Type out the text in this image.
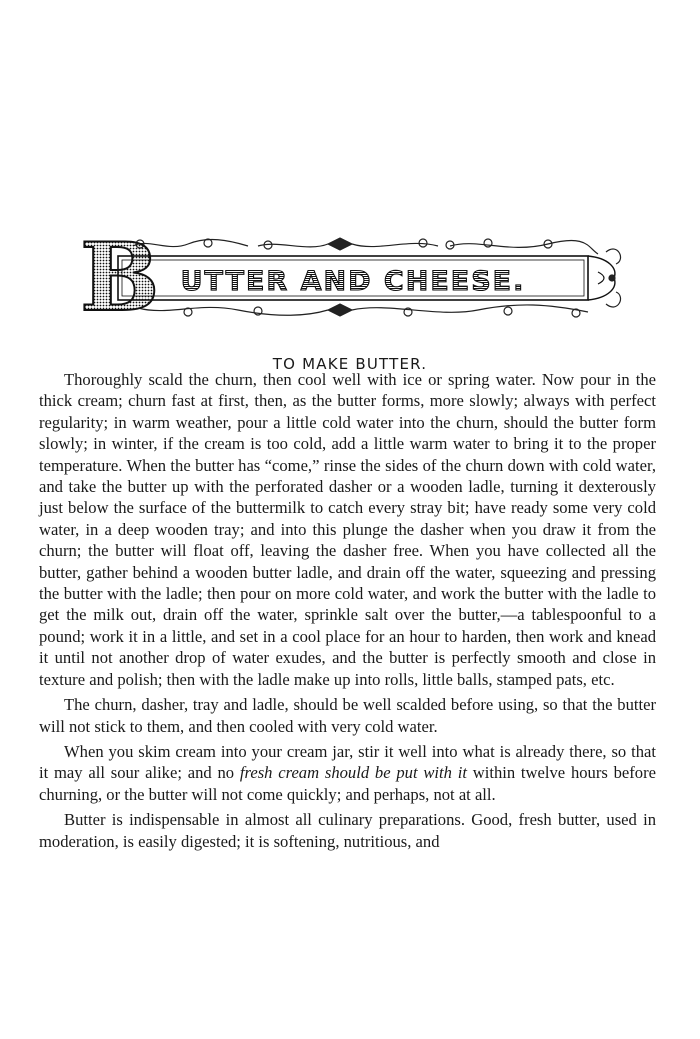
B UTTER AND CHEESE.
TO MAKE BUTTER.

Thoroughly scald the churn, then cool well with ice or spring water. Now pour in the thick cream; churn fast at first, then, as the butter forms, more slowly; always with perfect regularity; in warm weather, pour a little cold water into the churn, should the butter form slowly; in winter, if the cream is too cold, add a little warm water to bring it to the proper temperature. When the butter has “come,” rinse the sides of the churn down with cold water, and take the butter up with the perforated dasher or a wooden ladle, turning it dexterously just below the surface of the buttermilk to catch every stray bit; have ready some very cold water, in a deep wooden tray; and into this plunge the dasher when you draw it from the churn; the butter will float off, leaving the dasher free. When you have collected all the butter, gather behind a wooden butter ladle, and drain off the water, squeezing and pressing the butter with the ladle; then pour on more cold water, and work the butter with the ladle to get the milk out, drain off the water, sprinkle salt over the butter,—a tablespoonful to a pound; work it in a little, and set in a cool place for an hour to harden, then work and knead it until not another drop of water exudes, and the butter is perfectly smooth and close in texture and polish; then with the ladle make up into rolls, little balls, stamped pats, etc.

The churn, dasher, tray and ladle, should be well scalded before using, so that the butter will not stick to them, and then cooled with very cold water.

When you skim cream into your cream jar, stir it well into what is already there, so that it may all sour alike; and no fresh cream should be put with it within twelve hours before churning, or the butter will not come quickly; and perhaps, not at all.

Butter is indispensable in almost all culinary preparations. Good, fresh butter, used in moderation, is easily digested; it is softening, nutritious, and
